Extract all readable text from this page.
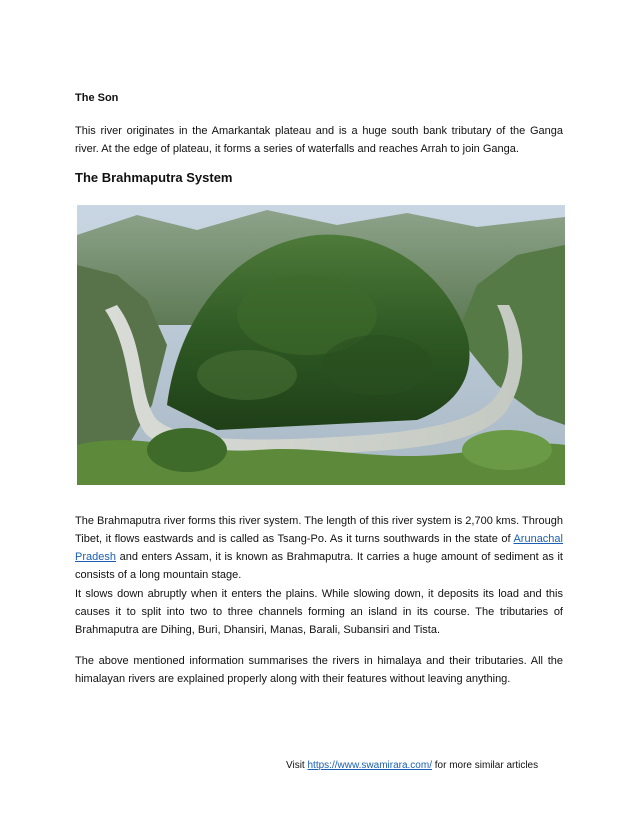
The Son

This river originates in the Amarkantak plateau and is a huge south bank tributary of the Ganga river. At the edge of plateau, it forms a series of waterfalls and reaches Arrah to join Ganga.

The Brahmaputra System

The Brahmaputra river forms this river system. The length of this river system is 2,700 kms. Through Tibet, it flows eastwards and is called as Tsang-Po. As it turns southwards in the state of Arunachal Pradesh and enters Assam, it is known as Brahmaputra. It carries a huge amount of sediment as it consists of a long mountain stage.

It slows down abruptly when it enters the plains. While slowing down, it deposits its load and this causes it to split into two to three channels forming an island in its course. The tributaries of Brahmaputra are Dihing, Buri, Dhansiri, Manas, Barali, Subansiri and Tista.

The above mentioned information summarises the rivers in himalaya and their tributaries. All the himalayan rivers are explained properly along with their features without leaving anything.

Visit https://www.swamirara.com/ for more similar articles
